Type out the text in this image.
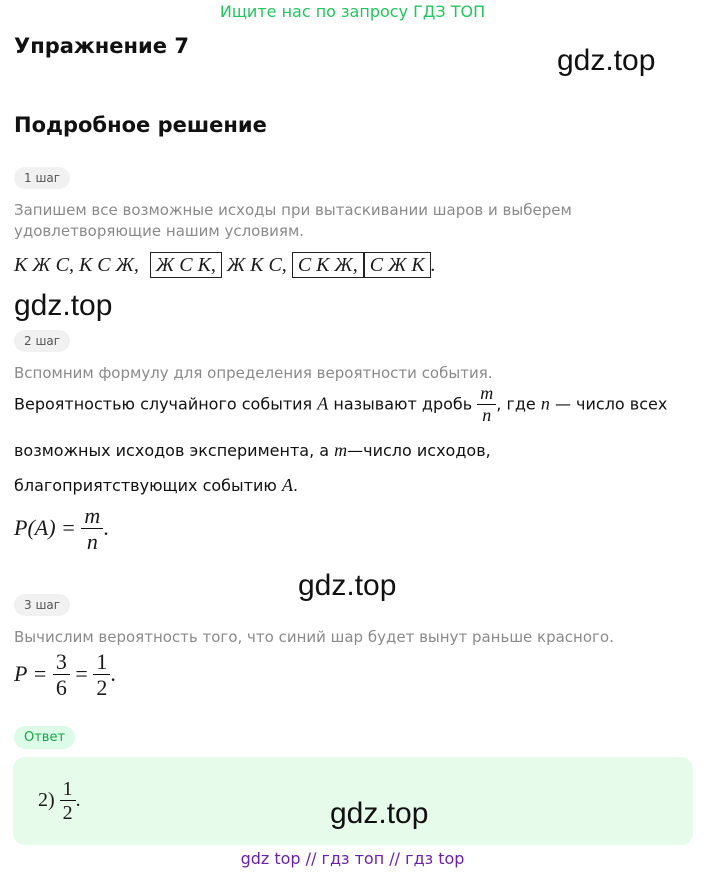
Ищите нас по запросу ГДЗ ТОП
Упражнение 7	gdz.top
Подробное решение
1 шаг
Запишем все возможные исходы при вытаскивании шаров и выберем удовлетворяющие нашим условиям.
К Ж С, К С Ж, Ж С К, Ж К С, С К Ж, С Ж К .
gdz.top
2 шаг
Вспомним формулу для определения вероятности события.
Вероятностью случайного события A называют дробь $\frac{m}{n}$ , где n — число всех
возможных исходов эксперимента, а m—число исходов,
благоприятствующих событию A.
$P(A) = \frac{m}{n}$ .
gdz.top
3 шаг
Вычислим вероятность того, что синий шар будет вынут раньше красного.
$P = \frac{3}{6} = \frac{1}{2}$ .
Ответ
$2) \frac{1}{2}$ .	gdz.top
gdz top // гдз топ // гдз top
